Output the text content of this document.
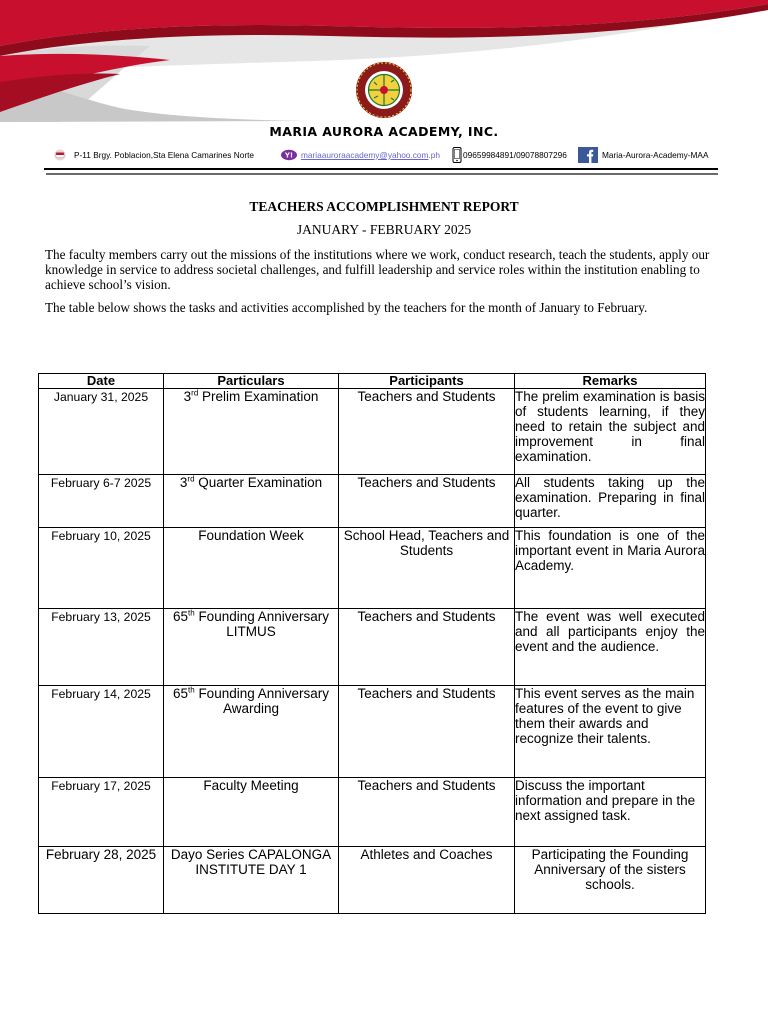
MARIA AURORA ACADEMY, INC.
P-11 Brgy. Poblacion,Sta Elena Camarines Norte	Y! mariaauroraacademy@yahoo.com .ph	09659984891/09078807296	Maria-Aurora-Academy-MAA
TEACHERS ACCOMPLISHMENT REPORT
JANUARY - FEBRUARY 2025

The faculty members carry out the missions of the institutions where we work, conduct research, teach the students, apply our knowledge in service to address societal challenges, and fulfill leadership and service roles within the institution enabling to achieve school’s vision.

The table below shows the tasks and activities accomplished by the teachers for the month of January to February.

Date	Particulars	Participants	Remarks
January 31, 2025	3rd Prelim Examination	Teachers and Students	The prelim examination is basis of students learning, if they need to retain the subject and improvement in final examination.
February 6-7 2025	3rd Quarter Examination	Teachers and Students	All students taking up the examination. Preparing in final quarter.
February 10, 2025	Foundation Week	School Head, Teachers and Students	This foundation is one of the important event in Maria Aurora Academy.
February 13, 2025	65th Founding Anniversary LITMUS	Teachers and Students	The event was well executed and all participants enjoy the event and the audience.
February 14, 2025	65th Founding Anniversary Awarding	Teachers and Students	This event serves as the main features of the event to give them their awards and recognize their talents.
February 17, 2025	Faculty Meeting	Teachers and Students	Discuss the important information and prepare in the next assigned task.
February 28, 2025	Dayo Series CAPALONGA INSTITUTE DAY 1	Athletes and Coaches	Participating the Founding Anniversary of the sisters schools.
